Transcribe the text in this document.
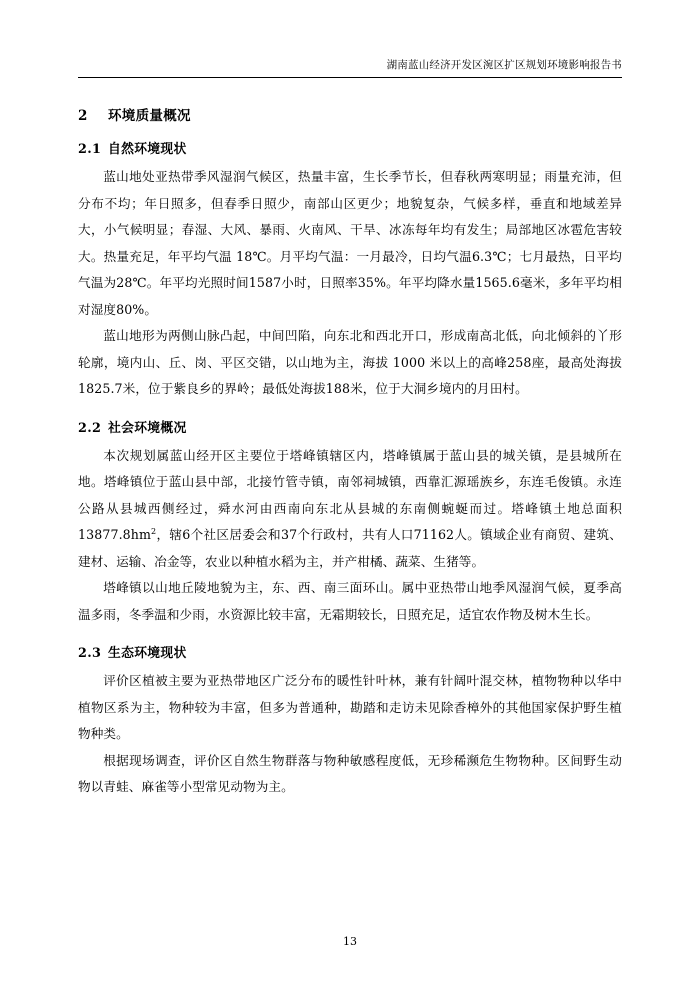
湖南蓝山经济开发区涴区扩区规划环境影响报告书
2 环境质量概况
2.1 自然环境现状

蓝山地处亚热带季风湿润气候区，热量丰富，生长季节长，但春秋两寒明显；雨量充沛，但分布不均；年日照多，但春季日照少，南部山区更少；地貌复杂，气候多样，垂直和地域差异大，小气候明显；春湿、大风、暴雨、火南风、干旱、冰冻每年均有发生；局部地区冰雹危害较大。热量充足，年平均气温 18℃。月平均气温：一月最冷，日均气温6.3℃；七月最热，日平均气温为28℃。年平均光照时间1587小时，日照率35%。年平均降水量1565.6毫米，多年平均相对湿度80%。

蓝山地形为两侧山脉凸起，中间凹陷，向东北和西北开口，形成南高北低，向北倾斜的丫形轮廓，境内山、丘、岗、平区交错，以山地为主，海拔 1000 米以上的高峰258座，最高处海拔1825.7米，位于紫良乡的界岭；最低处海拔188米，位于大洞乡境内的月田村。

2.2 社会环境概况

本次规划属蓝山经开区主要位于塔峰镇辖区内，塔峰镇属于蓝山县的城关镇，是县城所在地。塔峰镇位于蓝山县中部，北接竹管寺镇，南邻祠城镇，西靠汇源瑶族乡，东连毛俊镇。永连公路从县城西侧经过，舜水河由西南向东北从县城的东南侧蜿蜒而过。塔峰镇土地总面积$13877.8hm^2$，辖6个社区居委会和37个行政村，共有人口71162人。镇域企业有商贸、建筑、建材、运输、冶金等，农业以种植水稻为主，并产柑橘、蔬菜、生猪等。

塔峰镇以山地丘陵地貌为主，东、西、南三面环山。属中亚热带山地季风湿润气候，夏季高温多雨，冬季温和少雨，水资源比较丰富，无霜期较长，日照充足，适宜农作物及树木生长。

2.3 生态环境现状

评价区植被主要为亚热带地区广泛分布的暖性针叶林，兼有针阔叶混交林，植物物种以华中植物区系为主，物种较为丰富，但多为普通种，勘踏和走访未见除香樟外的其他国家保护野生植物种类。

根据现场调查，评价区自然生物群落与物种敏感程度低，无珍稀濒危生物物种。区间野生动物以青蛙、麻雀等小型常见动物为主。

13
